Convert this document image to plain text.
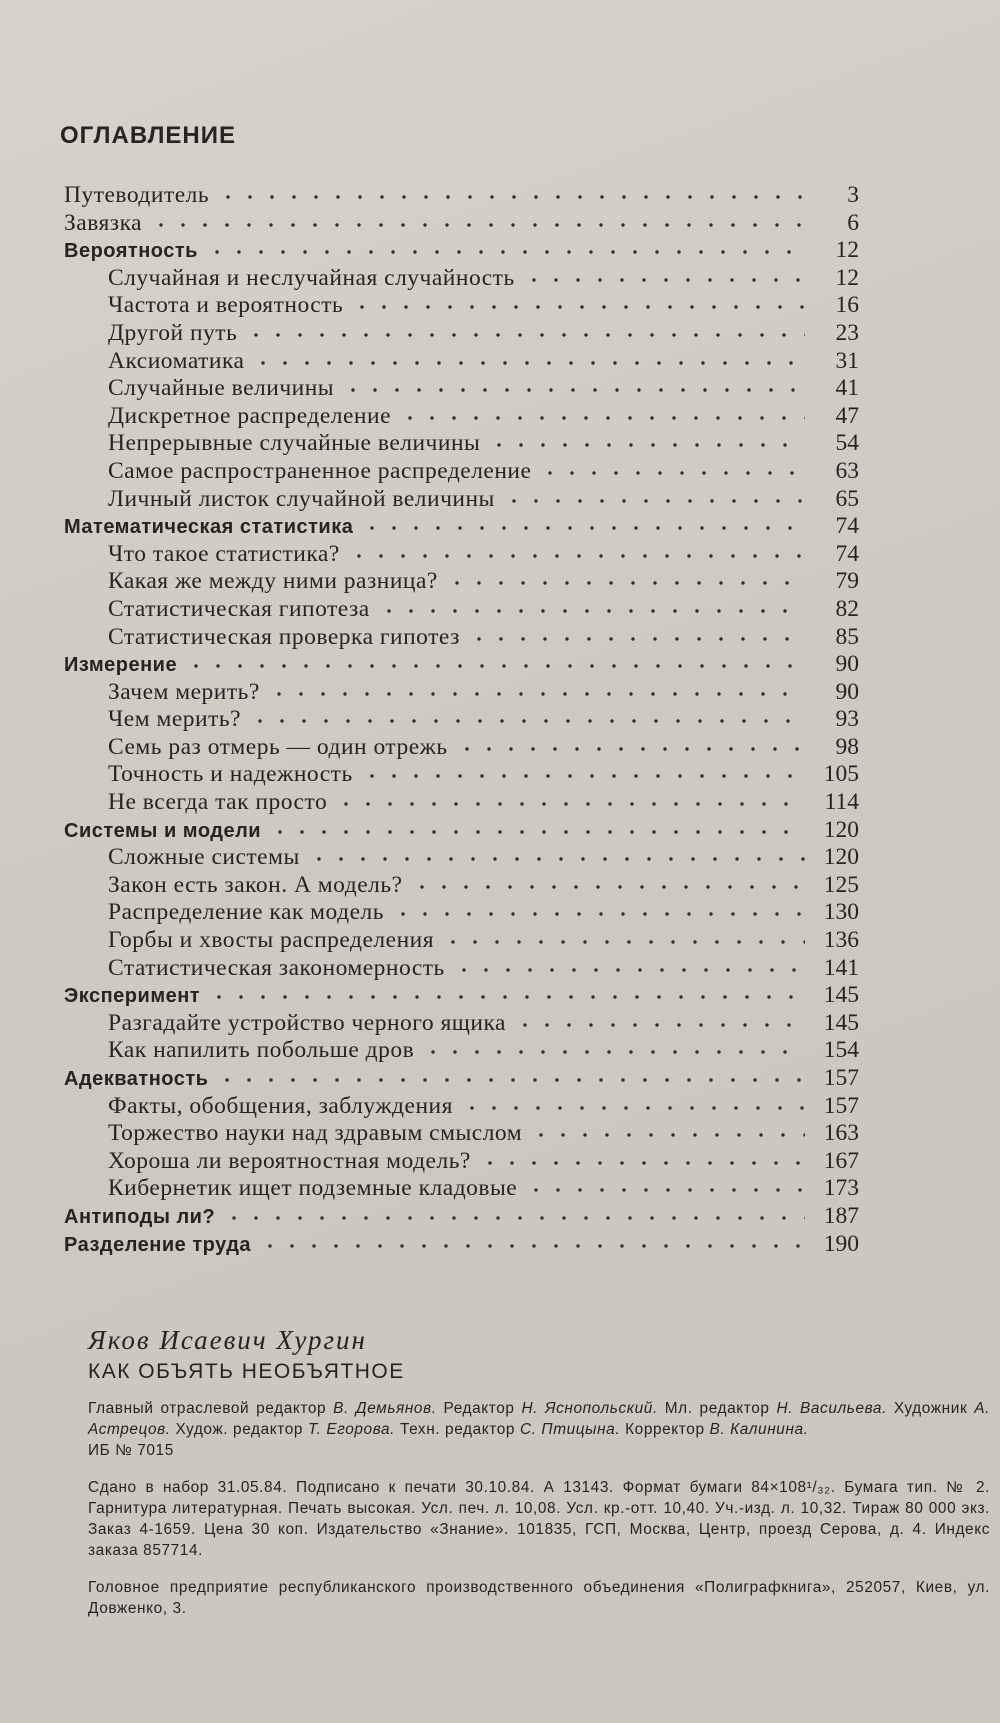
ОГЛАВЛЕНИЕ
Путеводитель	3
Завязка	6
Вероятность	12
Случайная и неслучайная случайность	12
Частота и вероятность	16
Другой путь	23
Аксиоматика	31
Случайные величины	41
Дискретное распределение	47
Непрерывные случайные величины	54
Самое распространенное распределение	63
Личный листок случайной величины	65
Математическая статистика	74
Что такое статистика?	74
Какая же между ними разница?	79
Статистическая гипотеза	82
Статистическая проверка гипотез	85
Измерение	90
Зачем мерить?	90
Чем мерить?	93
Семь раз отмерь — один отрежь	98
Точность и надежность	105
Не всегда так просто	114
Системы и модели	120
Сложные системы	120
Закон есть закон. А модель?	125
Распределение как модель	130
Горбы и хвосты распределения	136
Статистическая закономерность	141
Эксперимент	145
Разгадайте устройство черного ящика	145
Как напилить побольше дров	154
Адекватность	157
Факты, обобщения, заблуждения	157
Торжество науки над здравым смыслом	163
Хороша ли вероятностная модель?	167
Кибернетик ищет подземные кладовые	173
Антиподы ли?	187
Разделение труда	190

Яков Исаевич Хургин

КАК ОБЪЯТЬ НЕОБЪЯТНОЕ

Главный отраслевой редактор В. Демьянов. Редактор Н. Яснопольский. Мл. редактор Н. Васильева. Художник А. Астрецов. Худож. редактор Т. Егорова. Техн. редактор С. Птицына. Корректор В. Калинина.
ИБ № 7015

Сдано в набор 31.05.84. Подписано к печати 30.10.84. А 13143. Формат бумаги 84×108¹/₃₂. Бумага тип. № 2. Гарнитура литературная. Печать высокая. Усл. печ. л. 10,08. Усл. кр.-отт. 10,40. Уч.-изд. л. 10,32. Тираж 80 000 экз. Заказ 4-1659. Цена 30 коп. Издательство «Знание». 101835, ГСП, Москва, Центр, проезд Серова, д. 4. Индекс заказа 857714.

Головное предприятие республиканского производственного объединения «Полиграфкнига», 252057, Киев, ул. Довженко, 3.
